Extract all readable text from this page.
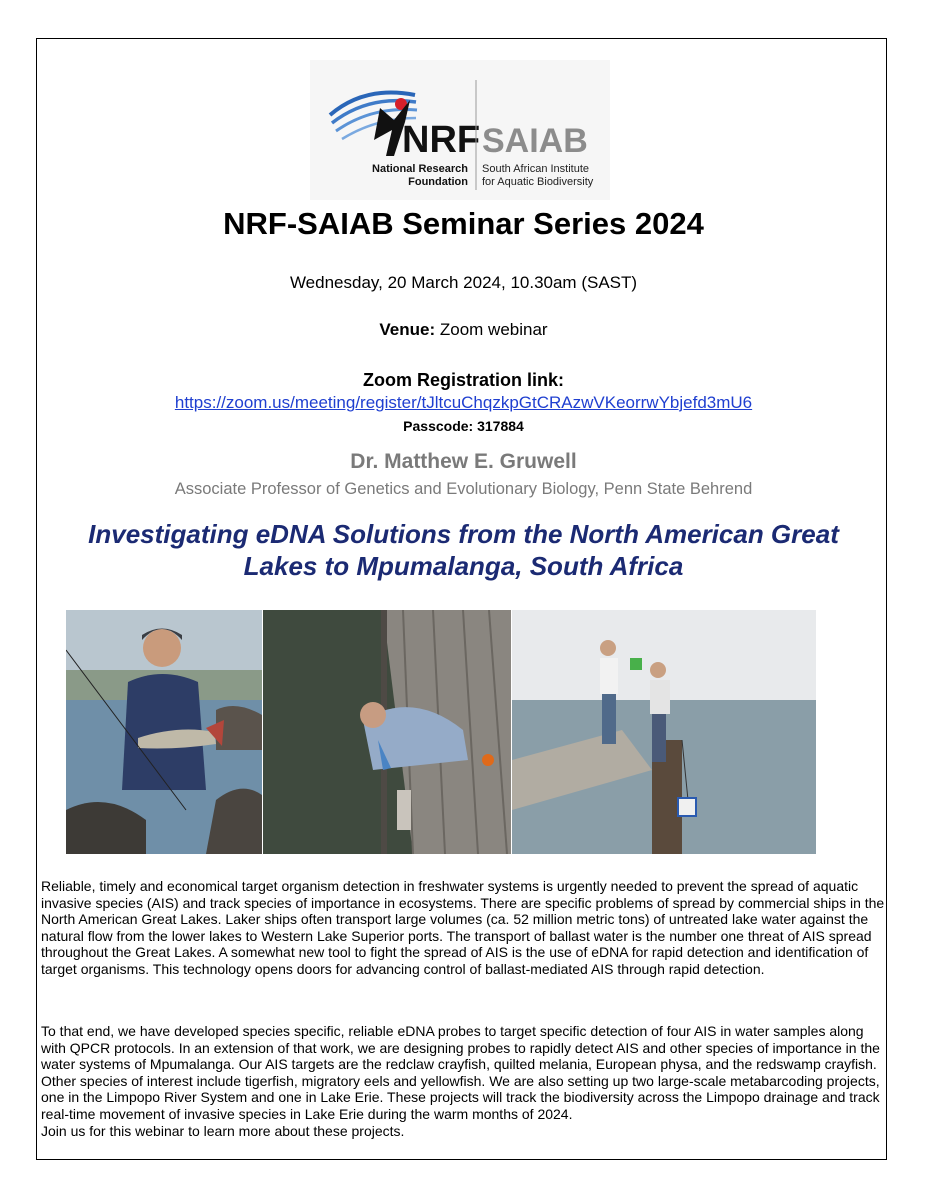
NRF
National Research
Foundation
SAIAB
South African Institute
for Aquatic Biodiversity
NRF-SAIAB Seminar Series 2024
Wednesday, 20 March 2024, 10.30am (SAST)
Venue: Zoom webinar
Zoom Registration link:
https://zoom.us/meeting/register/tJltcuChqzkpGtCRAzwVKeorrwYbjefd3mU6
Passcode: 317884
Dr. Matthew E. Gruwell
Associate Professor of Genetics and Evolutionary Biology, Penn State Behrend
Investigating eDNA Solutions from the North American Great
Lakes to Mpumalanga, South Africa
Reliable, timely and economical target organism detection in freshwater systems is urgently needed to prevent the spread of aquatic invasive species (AIS) and track species of importance in ecosystems. There are specific problems of spread by commercial ships in the North American Great Lakes. Laker ships often transport large volumes (ca. 52 million metric tons) of untreated lake water against the natural flow from the lower lakes to Western Lake Superior ports. The transport of ballast water is the number one threat of AIS spread throughout the Great Lakes. A somewhat new tool to fight the spread of AIS is the use of eDNA for rapid detection and identification of target organisms. This technology opens doors for advancing control of ballast-mediated AIS through rapid detection.
To that end, we have developed species specific, reliable eDNA probes to target specific detection of four AIS in water samples along with QPCR protocols. In an extension of that work, we are designing probes to rapidly detect AIS and other species of importance in the water systems of Mpumalanga. Our AIS targets are the redclaw crayfish, quilted melania, European physa, and the redswamp crayfish. Other species of interest include tigerfish, migratory eels and yellowfish. We are also setting up two large-scale metabarcoding projects, one in the Limpopo River System and one in Lake Erie. These projects will track the biodiversity across the Limpopo drainage and track real-time movement of invasive species in Lake Erie during the warm months of 2024.
Join us for this webinar to learn more about these projects.
